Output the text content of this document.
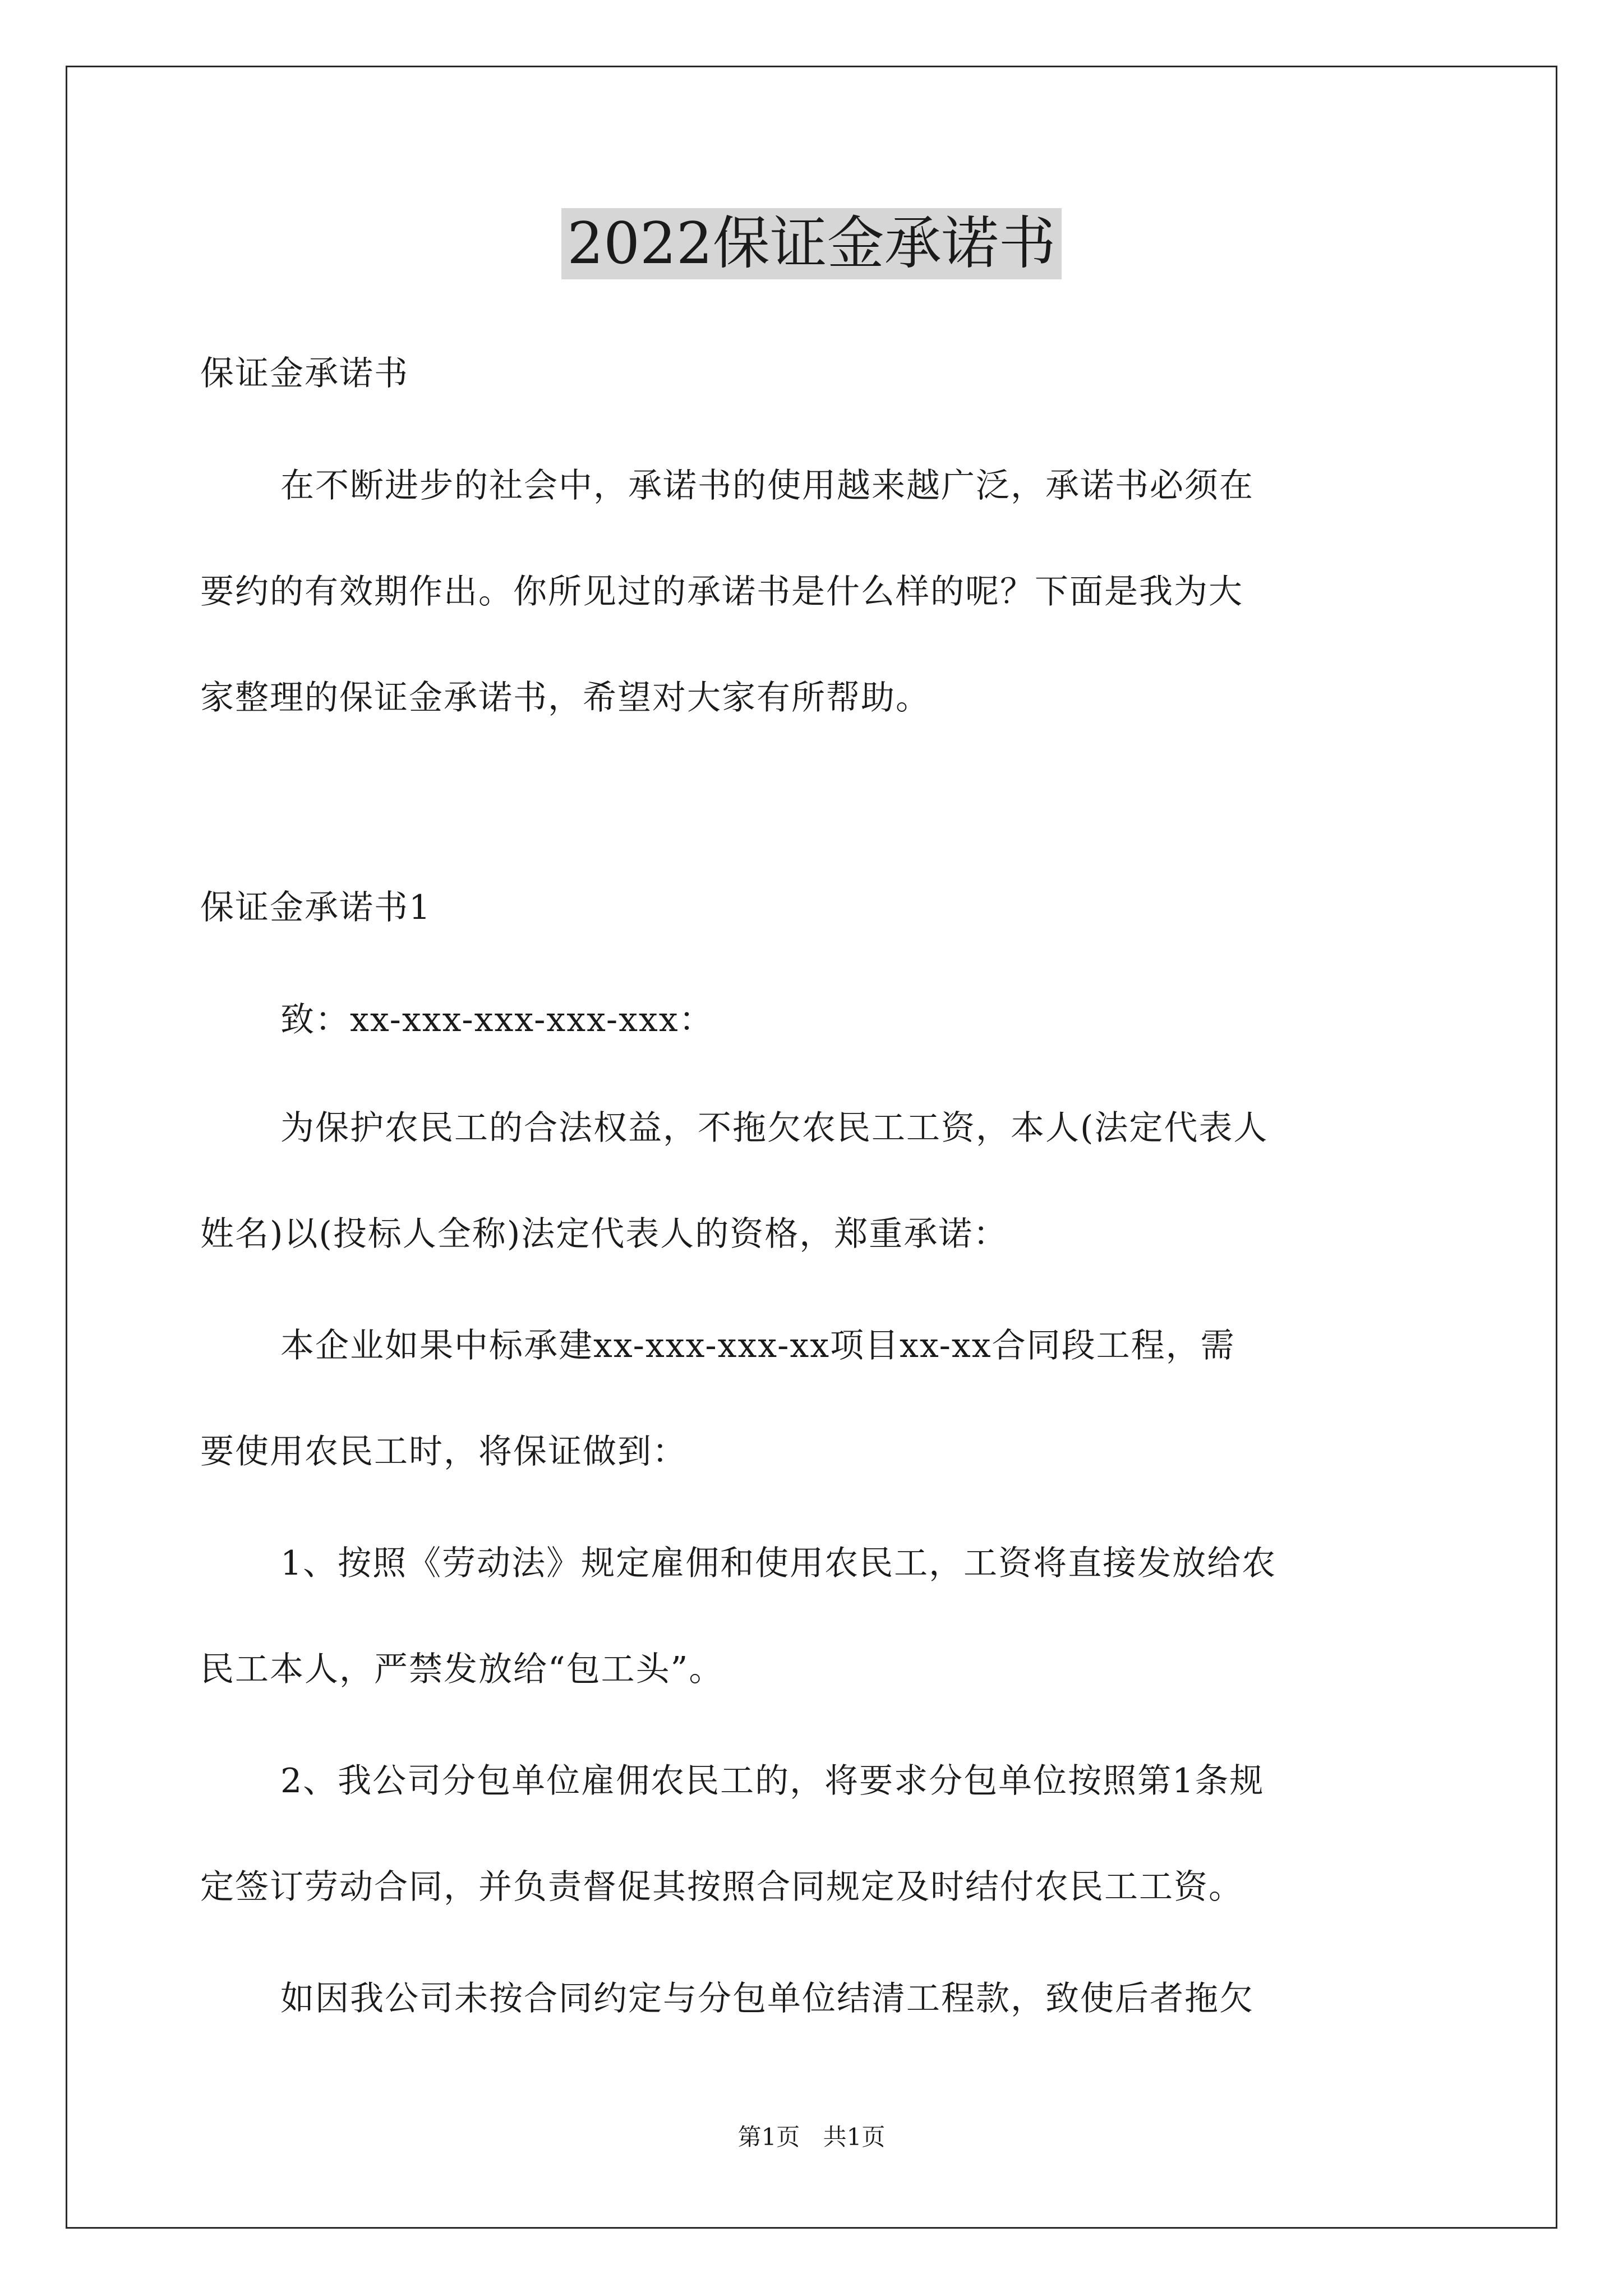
2022保证金承诺书

保证金承诺书

在不断进步的社会中，承诺书的使用越来越广泛，承诺书必须在

要约的有效期作出。你所见过的承诺书是什么样的呢？下面是我为大

家整理的保证金承诺书，希望对大家有所帮助。

保证金承诺书1

致：xx-xxx-xxx-xxx-xxx：

为保护农民工的合法权益，不拖欠农民工工资，本人(法定代表人

姓名)以(投标人全称)法定代表人的资格，郑重承诺：

本企业如果中标承建xx-xxx-xxx-xx项目xx-xx合同段工程，需

要使用农民工时，将保证做到：

1、按照《劳动法》规定雇佣和使用农民工，工资将直接发放给农

民工本人，严禁发放给“包工头”。

2、我公司分包单位雇佣农民工的，将要求分包单位按照第1条规

定签订劳动合同，并负责督促其按照合同规定及时结付农民工工资。

如因我公司未按合同约定与分包单位结清工程款，致使后者拖欠

第1页 共1页
